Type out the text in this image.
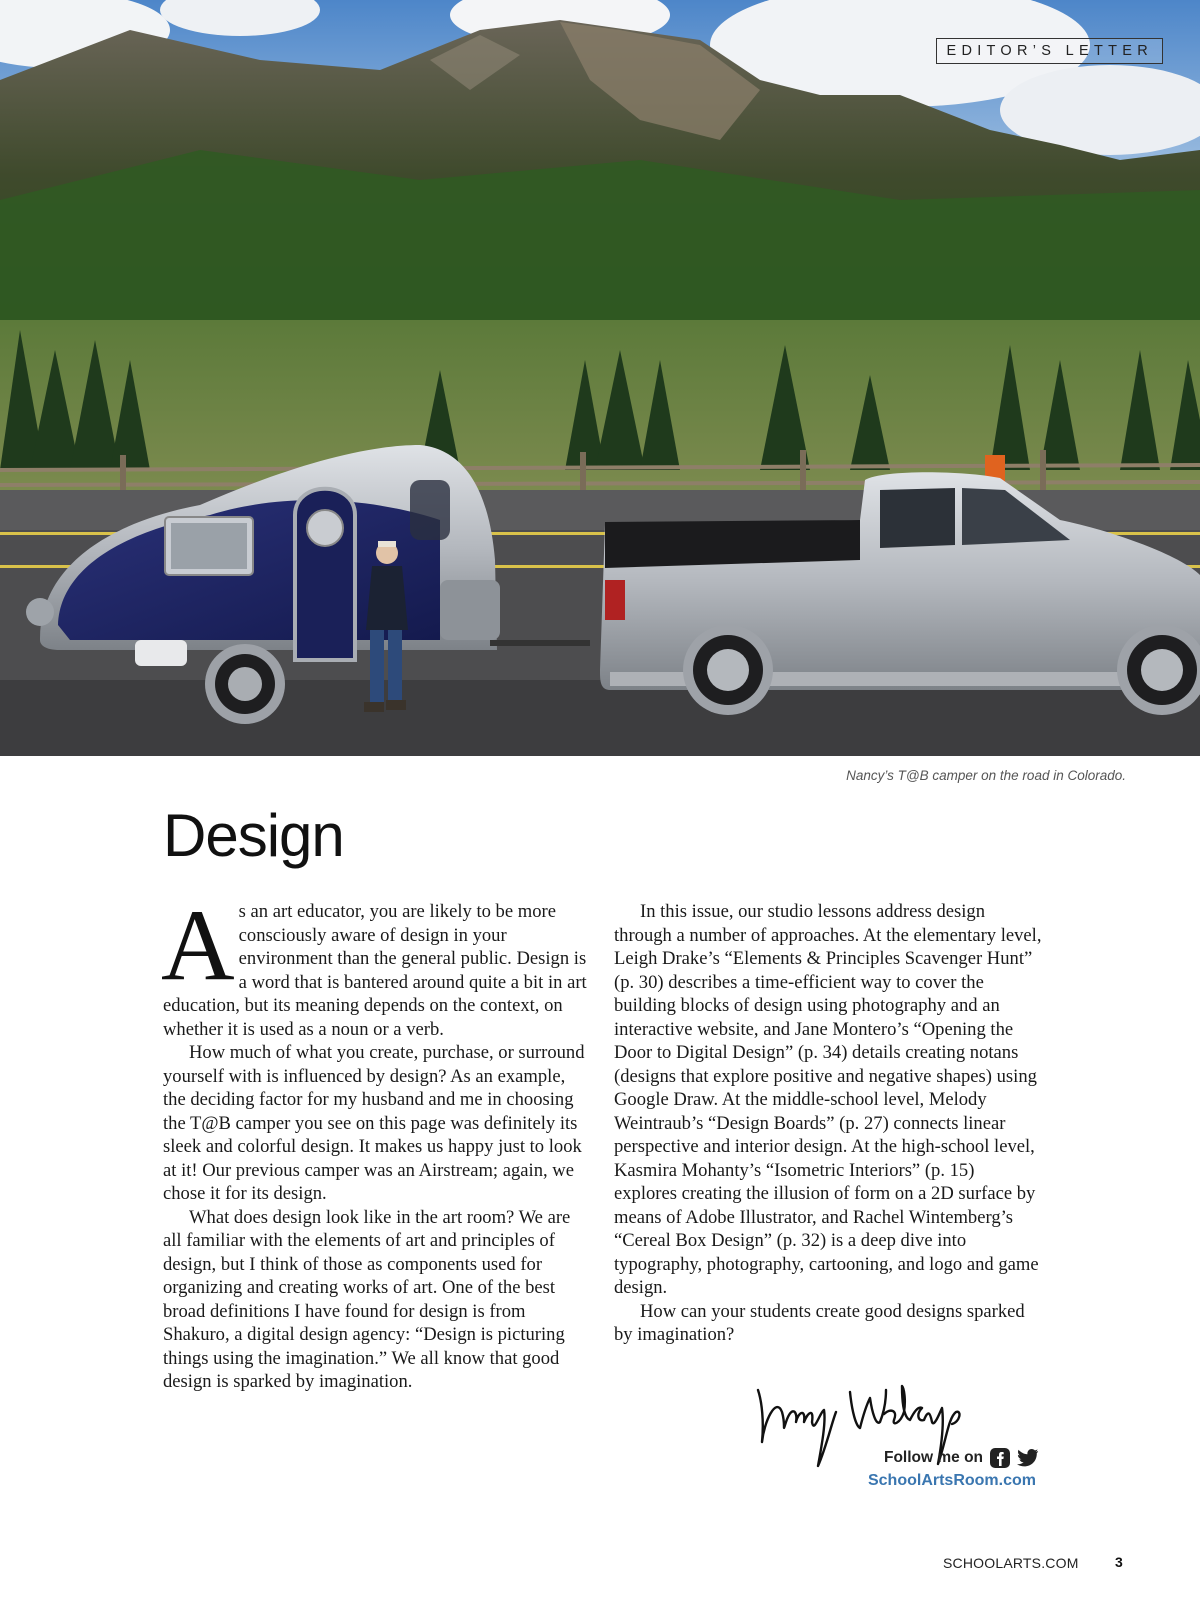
EDITOR’S LETTER
Nancy’s T@B camper on the road in Colorado.
Design

As an art educator, you are likely to be more consciously aware of design in your environment than the general public. Design is a word that is bantered around quite a bit in art education, but its meaning depends on the context, on whether it is used as a noun or a verb.

How much of what you create, purchase, or surround yourself with is influenced by design? As an example, the deciding factor for my husband and me in choosing the T@B camper you see on this page was definitely its sleek and colorful design. It makes us happy just to look at it! Our previous camper was an Airstream; again, we chose it for its design.

What does design look like in the art room? We are all familiar with the elements of art and principles of design, but I think of those as components used for organizing and creating works of art. One of the best broad definitions I have found for design is from Shakuro, a digital design agency: “Design is picturing things using the imagination.” We all know that good design is sparked by imagination.

In this issue, our studio lessons address design through a number of approaches. At the elementary level, Leigh Drake’s “Elements & Principles Scavenger Hunt” (p. 30) describes a time-efficient way to cover the building blocks of design using photography and an interactive website, and Jane Montero’s “Opening the Door to Digital Design” (p. 34) details creating notans (designs that explore positive and negative shapes) using Google Draw. At the middle-school level, Melody Weintraub’s “Design Boards” (p. 27) connects linear perspective and interior design. At the high-school level, Kasmira Mohanty’s “Isometric Interiors” (p. 15) explores creating the illusion of form on a 2D surface by means of Adobe Illustrator, and Rachel Wintemberg’s “Cereal Box Design” (p. 32) is a deep dive into typography, photography, cartooning, and logo and game design.

How can your students create good designs sparked by imagination?

Follow me on
SchoolArtsRoom.com
SCHOOLARTS.COM	3
